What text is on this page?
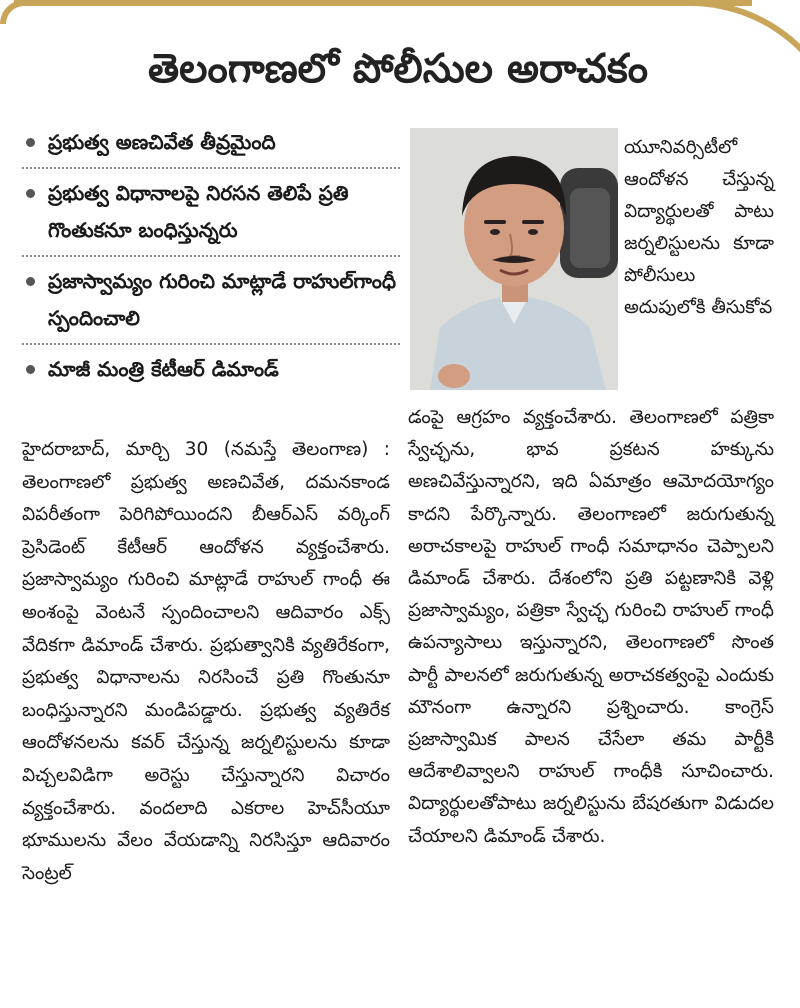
తెలంగాణలో పోలీసుల అరాచకం
ప్రభుత్వ అణచివేత తీవ్రమైంది
ప్రభుత్వ విధానాలపై నిరసన తెలిపే ప్రతి గొంతుకనూ బంధిస్తున్నరు
ప్రజాస్వామ్యం గురించి మాట్లాడే రాహుల్‌గాంధీ స్పందించాలి
మాజీ మంత్రి కేటీఆర్‌ డిమాండ్‌

యూనివర్సిటీలో ఆందోళన చేస్తున్న విద్యార్థులతో పాటు జర్నలిస్టులను కూడా పోలీసులు అదుపులోకి తీసుకోవ

హైదరాబాద్‌, మార్చి 30 (నమస్తే తెలంగాణ) : తెలంగాణలో ప్రభుత్వ అణచివేత, దమనకాండ విపరీతంగా పెరిగిపోయిందని బీఆర్‌ఎస్‌ వర్కింగ్‌ ప్రెసిడెంట్‌ కేటీఆర్‌ ఆందోళన వ్యక్తంచేశారు. ప్రజాస్వామ్యం గురించి మాట్లాడే రాహుల్‌ గాంధీ ఈ అంశంపై వెంటనే స్పందించాలని ఆదివారం ఎక్స్‌ వేదికగా డిమాండ్‌ చేశారు. ప్రభుత్వానికి వ్యతిరేకంగా, ప్రభుత్వ విధానాలను నిరసించే ప్రతి గొంతునూ బంధిస్తున్నారని మండిపడ్డారు. ప్రభుత్వ వ్యతిరేక ఆందోళనలను కవర్‌ చేస్తున్న జర్నలిస్టులను కూడా విచ్చలవిడిగా అరెస్టు చేస్తున్నారని విచారం వ్యక్తంచేశారు. వందలాది ఎకరాల హెచ్‌సీయూ భూములను వేలం వేయడాన్ని నిరసిస్తూ ఆదివారం సెంట్రల్‌

డంపై ఆగ్రహం వ్యక్తంచేశారు. తెలంగాణలో పత్రికా స్వేచ్ఛను, భావ ప్రకటన హక్కును అణచివేస్తున్నారని, ఇది ఏమాత్రం ఆమోదయోగ్యం కాదని పేర్కొన్నారు. తెలంగాణలో జరుగుతున్న అరాచకాలపై రాహుల్‌ గాంధీ సమాధానం చెప్పాలని డిమాండ్‌ చేశారు. దేశంలోని ప్రతి పట్టణానికి వెళ్లి ప్రజాస్వామ్యం, పత్రికా స్వేచ్ఛ గురించి రాహుల్‌ గాంధీ ఉపన్యాసాలు ఇస్తున్నారని, తెలంగాణలో సొంత పార్టీ పాలనలో జరుగుతున్న అరాచకత్వంపై ఎందుకు మౌనంగా ఉన్నారని ప్రశ్నించారు. కాంగ్రెస్‌ ప్రజాస్వామిక పాలన చేసేలా తమ పార్టీకి ఆదేశాలివ్వాలని రాహుల్‌ గాంధీకి సూచించారు. విద్యార్థులతోపాటు జర్నలిస్టును బేషరతుగా విడుదల చేయాలని డిమాండ్‌ చేశారు.
